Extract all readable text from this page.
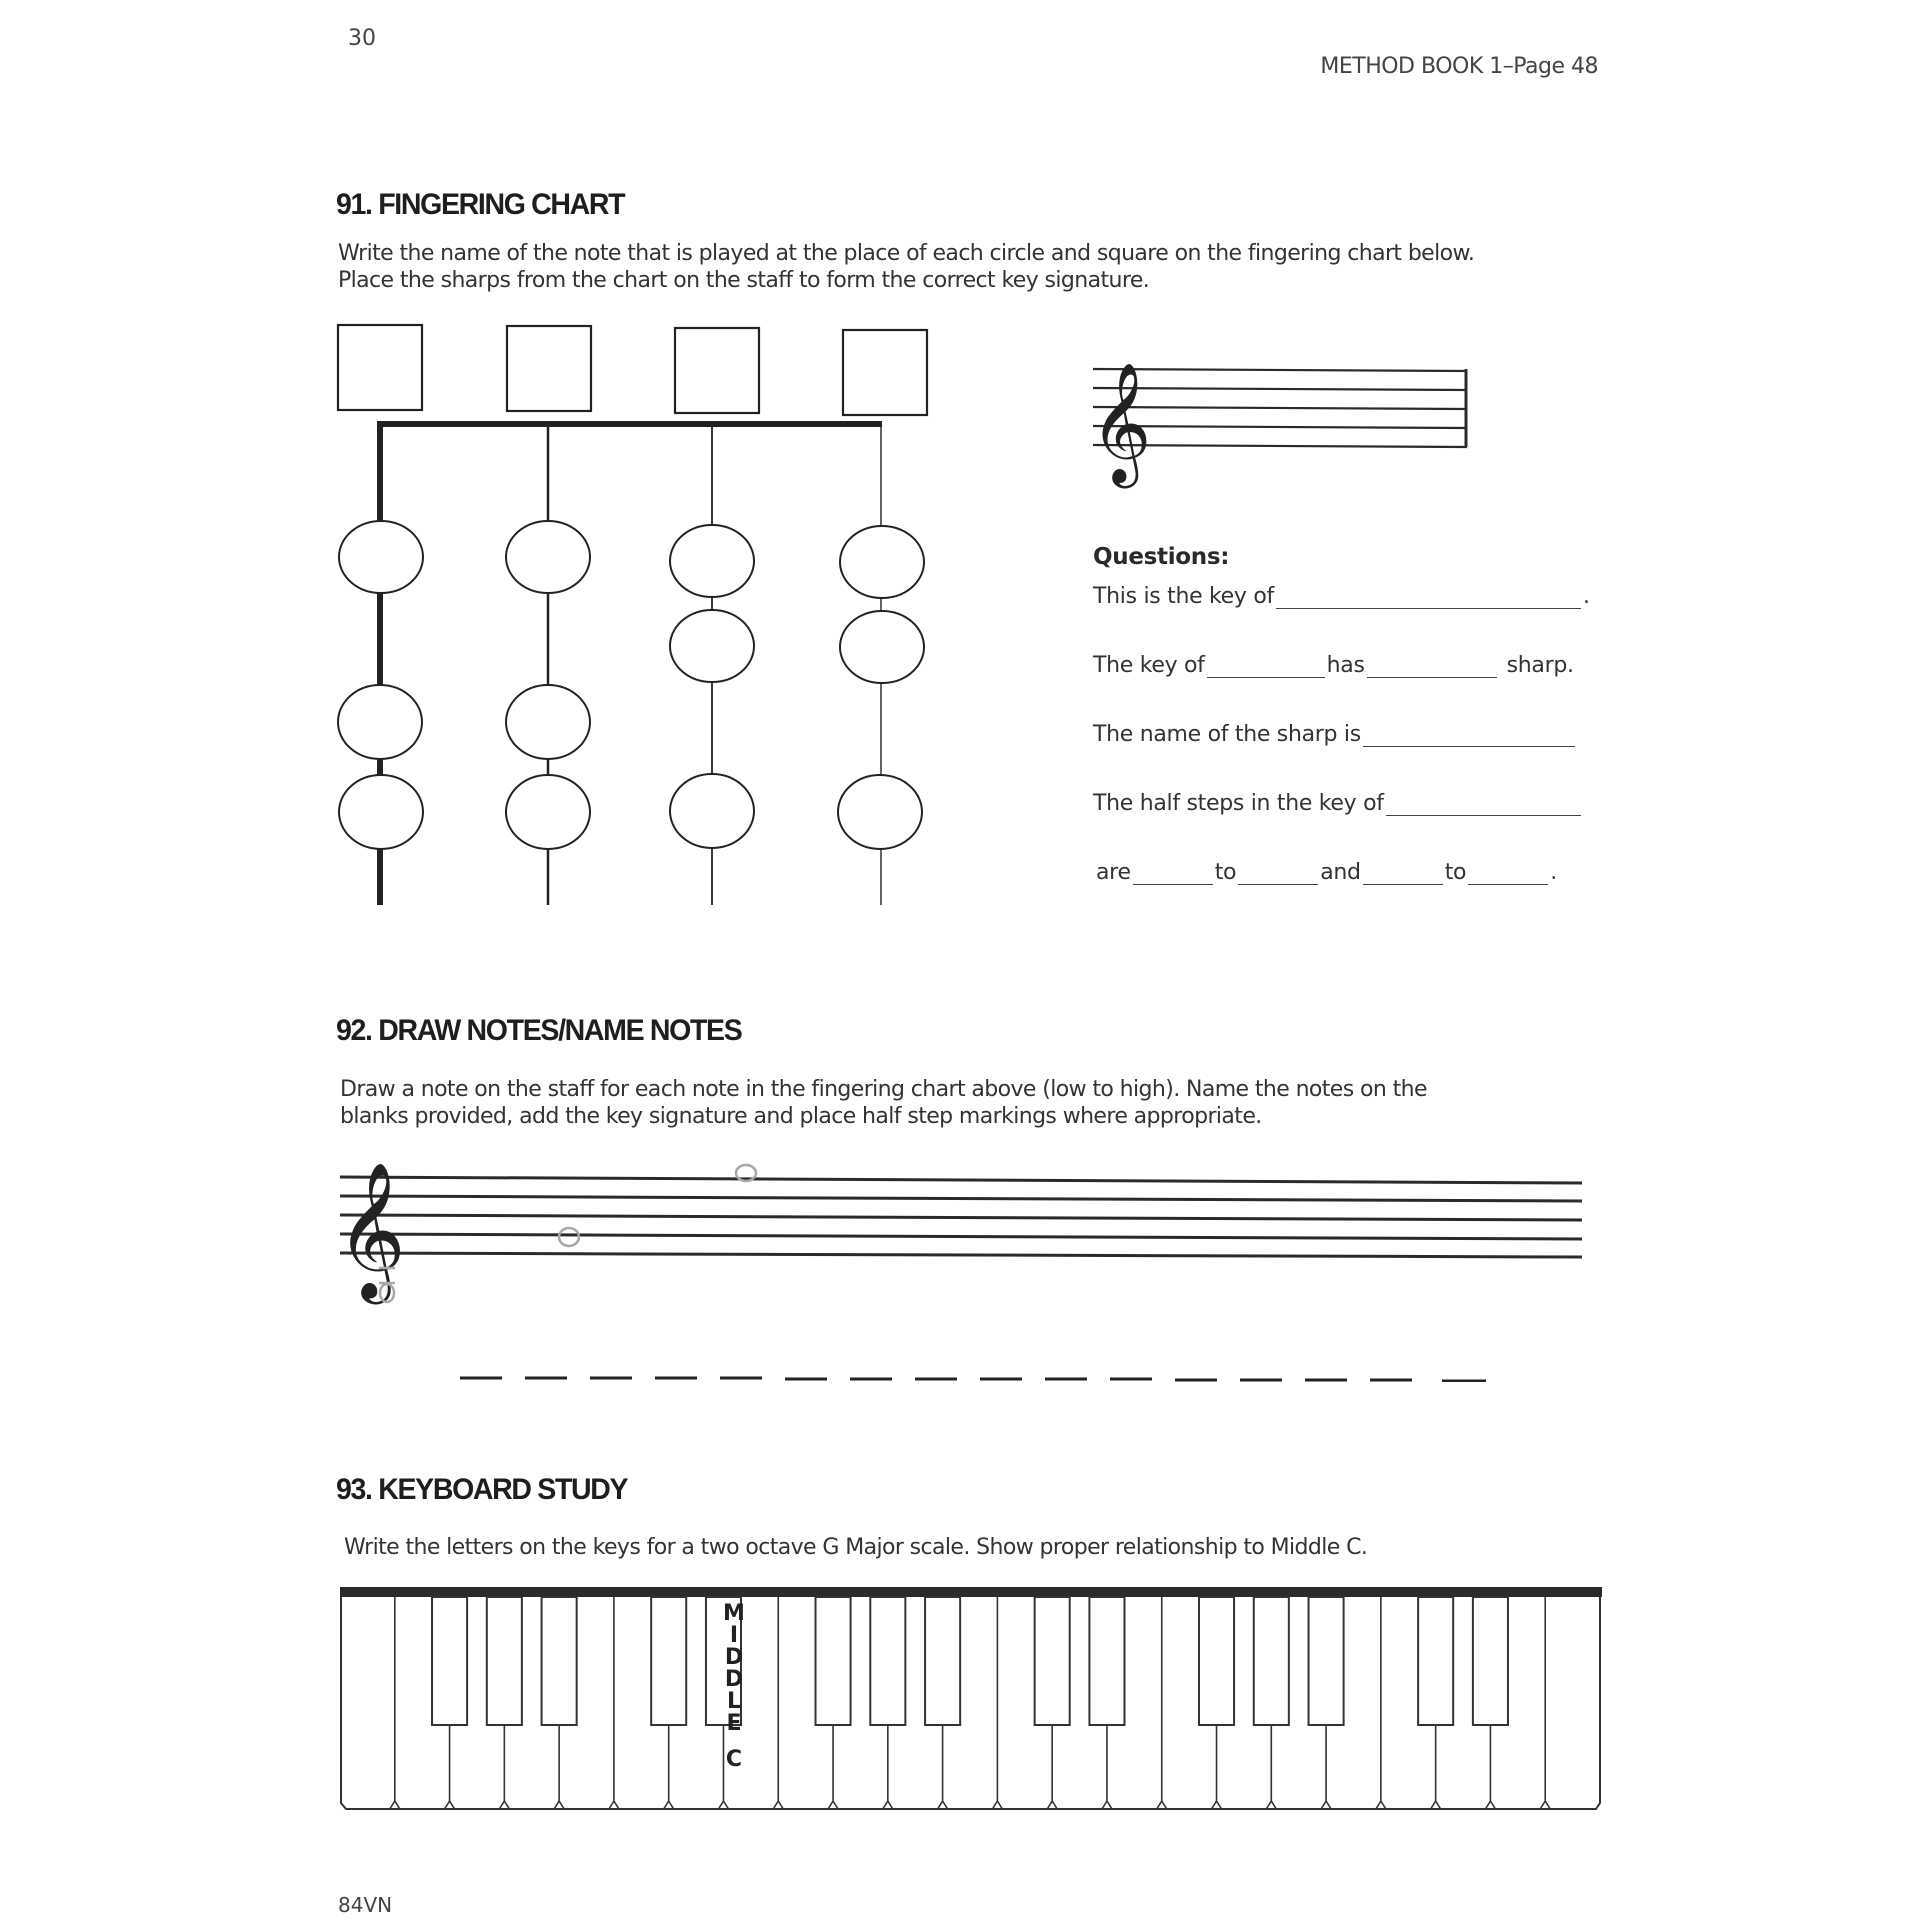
30
METHOD BOOK 1–Page 48
91. FINGERING CHART
Write the name of the note that is played at the place of each circle and square on the fingering chart below.
Place the sharps from the chart on the staff to form the correct key signature.
𝄞
𝄞
Questions:
This is the key of	.
The key of	has	sharp.
The name of the sharp is
The half steps in the key of
are	to	and	to	.
92. DRAW NOTES/NAME NOTES
Draw a note on the staff for each note in the fingering chart above (low to high). Name the notes on the
blanks provided, add the key signature and place half step markings where appropriate.
93. KEYBOARD STUDY
Write the letters on the keys for a two octave G Major scale. Show proper relationship to Middle C.
M
I
D
D
L
E
C
84VN
